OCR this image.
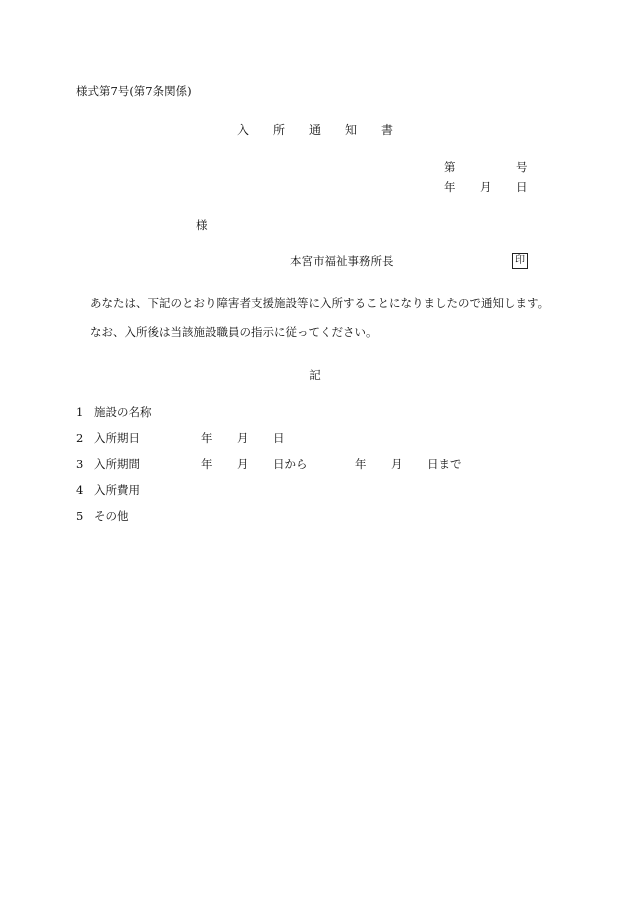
様式第7号(第7条関係)
入 所 通 知 書
第	号
年 月 日
様
本宮市福祉事務所長	印
あなたは、下記のとおり障害者支援施設等に入所することになりましたので通知します。
なお、入所後は当該施設職員の指示に従ってください。
記
1 施設の名称
2 入所期日	年 月 日
3 入所期間	年 月 日から	年 月 日まで
4 入所費用
5 その他
